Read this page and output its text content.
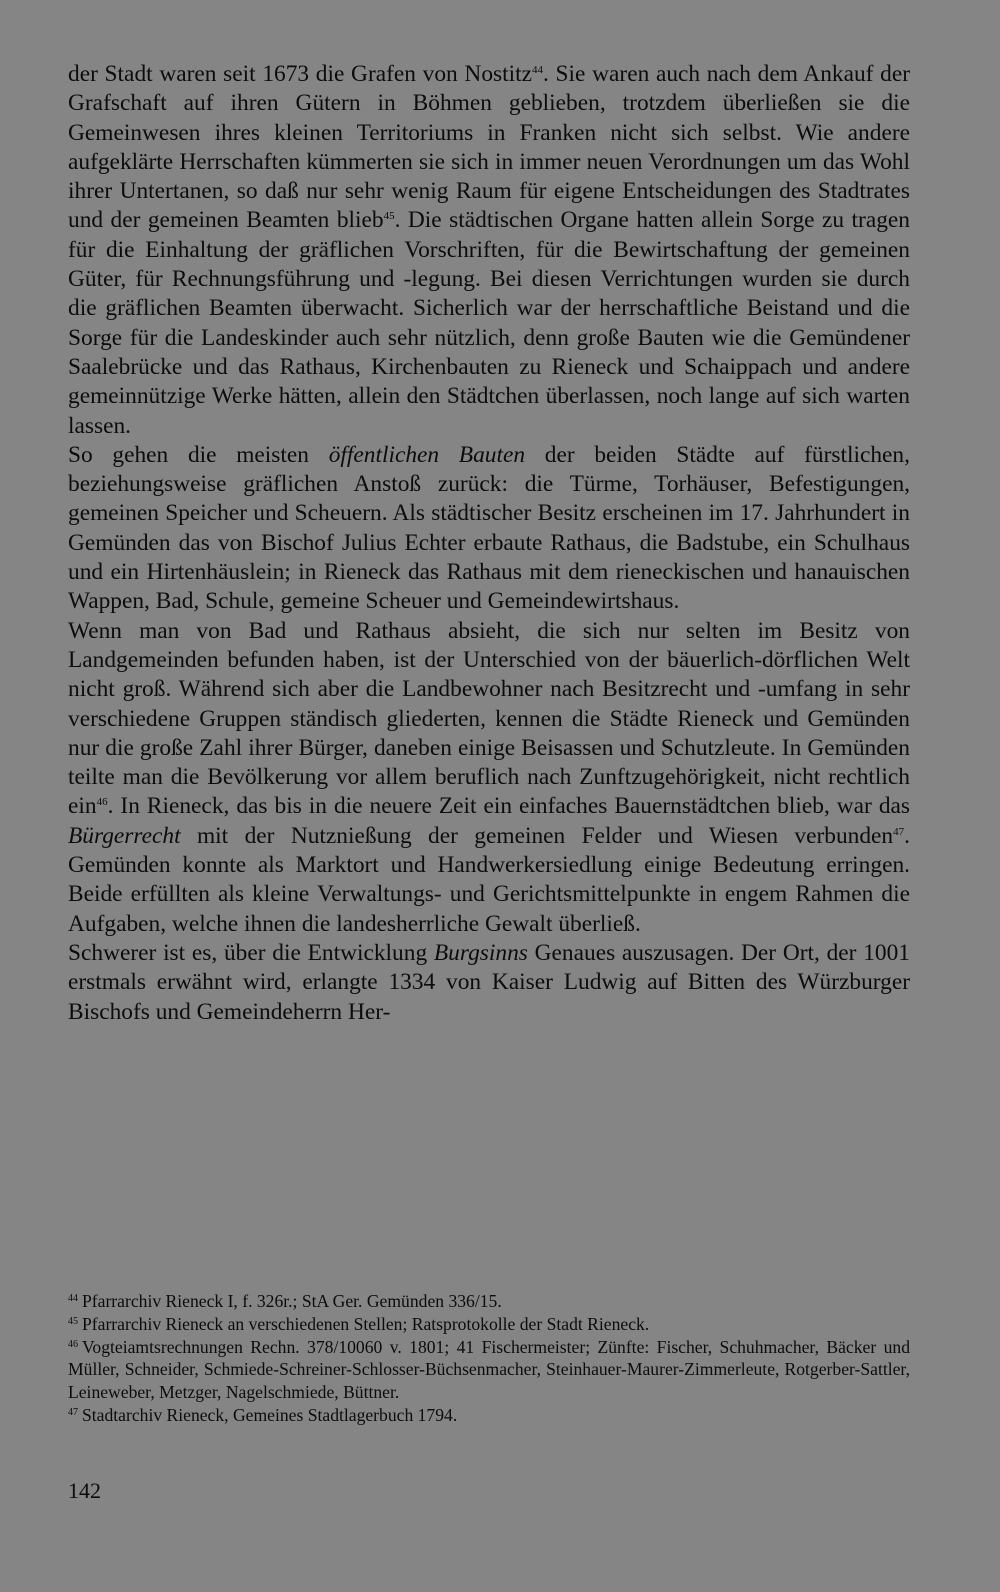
der Stadt waren seit 1673 die Grafen von Nostitz$^{44}$. Sie waren auch nach dem Ankauf der Grafschaft auf ihren Gütern in Böhmen geblieben, trotzdem überließen sie die Gemeinwesen ihres kleinen Territoriums in Franken nicht sich selbst. Wie andere aufgeklärte Herrschaften kümmerten sie sich in immer neuen Verordnungen um das Wohl ihrer Untertanen, so daß nur sehr wenig Raum für eigene Entscheidungen des Stadtrates und der gemeinen Beamten blieb$^{45}$. Die städtischen Organe hatten allein Sorge zu tragen für die Einhaltung der gräflichen Vorschriften, für die Bewirtschaftung der gemeinen Güter, für Rechnungsführung und -legung. Bei diesen Verrichtungen wurden sie durch die gräflichen Beamten überwacht. Sicherlich war der herrschaftliche Beistand und die Sorge für die Landeskinder auch sehr nützlich, denn große Bauten wie die Gemündener Saalebrücke und das Rathaus, Kirchenbauten zu Rieneck und Schaippach und andere gemeinnützige Werke hätten, allein den Städtchen überlassen, noch lange auf sich warten lassen.

So gehen die meisten öffentlichen Bauten der beiden Städte auf fürstlichen, beziehungsweise gräflichen Anstoß zurück: die Türme, Torhäuser, Befestigungen, gemeinen Speicher und Scheuern. Als städtischer Besitz erscheinen im 17. Jahrhundert in Gemünden das von Bischof Julius Echter erbaute Rathaus, die Badstube, ein Schulhaus und ein Hirtenhäuslein; in Rieneck das Rathaus mit dem rieneckischen und hanauischen Wappen, Bad, Schule, gemeine Scheuer und Gemeindewirtshaus.

Wenn man von Bad und Rathaus absieht, die sich nur selten im Besitz von Landgemeinden befunden haben, ist der Unterschied von der bäuerlich-dörflichen Welt nicht groß. Während sich aber die Landbewohner nach Besitzrecht und -umfang in sehr verschiedene Gruppen ständisch gliederten, kennen die Städte Rieneck und Gemünden nur die große Zahl ihrer Bürger, daneben einige Beisassen und Schutzleute. In Gemünden teilte man die Bevölkerung vor allem beruflich nach Zunftzugehörigkeit, nicht rechtlich ein$^{46}$. In Rieneck, das bis in die neuere Zeit ein einfaches Bauernstädtchen blieb, war das Bürgerrecht mit der Nutznießung der gemeinen Felder und Wiesen verbunden$^{47}$. Gemünden konnte als Marktort und Handwerkersiedlung einige Bedeutung erringen. Beide erfüllten als kleine Verwaltungs- und Gerichtsmittelpunkte in engem Rahmen die Aufgaben, welche ihnen die landesherrliche Gewalt überließ.

Schwerer ist es, über die Entwicklung Burgsinns Genaues auszusagen. Der Ort, der 1001 erstmals erwähnt wird, erlangte 1334 von Kaiser Ludwig auf Bitten des Würzburger Bischofs und Gemeindeherrn Her-

$^{44}$ Pfarrarchiv Rieneck I, f. 326r.; StA Ger. Gemünden 336/15.

$^{45}$ Pfarrarchiv Rieneck an verschiedenen Stellen; Ratsprotokolle der Stadt Rieneck.

$^{46}$ Vogteiamtsrechnungen Rechn. 378/10060 v. 1801; 41 Fischermeister; Zünfte: Fischer, Schuhmacher, Bäcker und Müller, Schneider, Schmiede-Schreiner-Schlosser-Büchsenmacher, Steinhauer-Maurer-Zimmerleute, Rotgerber-Sattler, Leineweber, Metzger, Nagelschmiede, Büttner.

$^{47}$ Stadtarchiv Rieneck, Gemeines Stadtlagerbuch 1794.

142
